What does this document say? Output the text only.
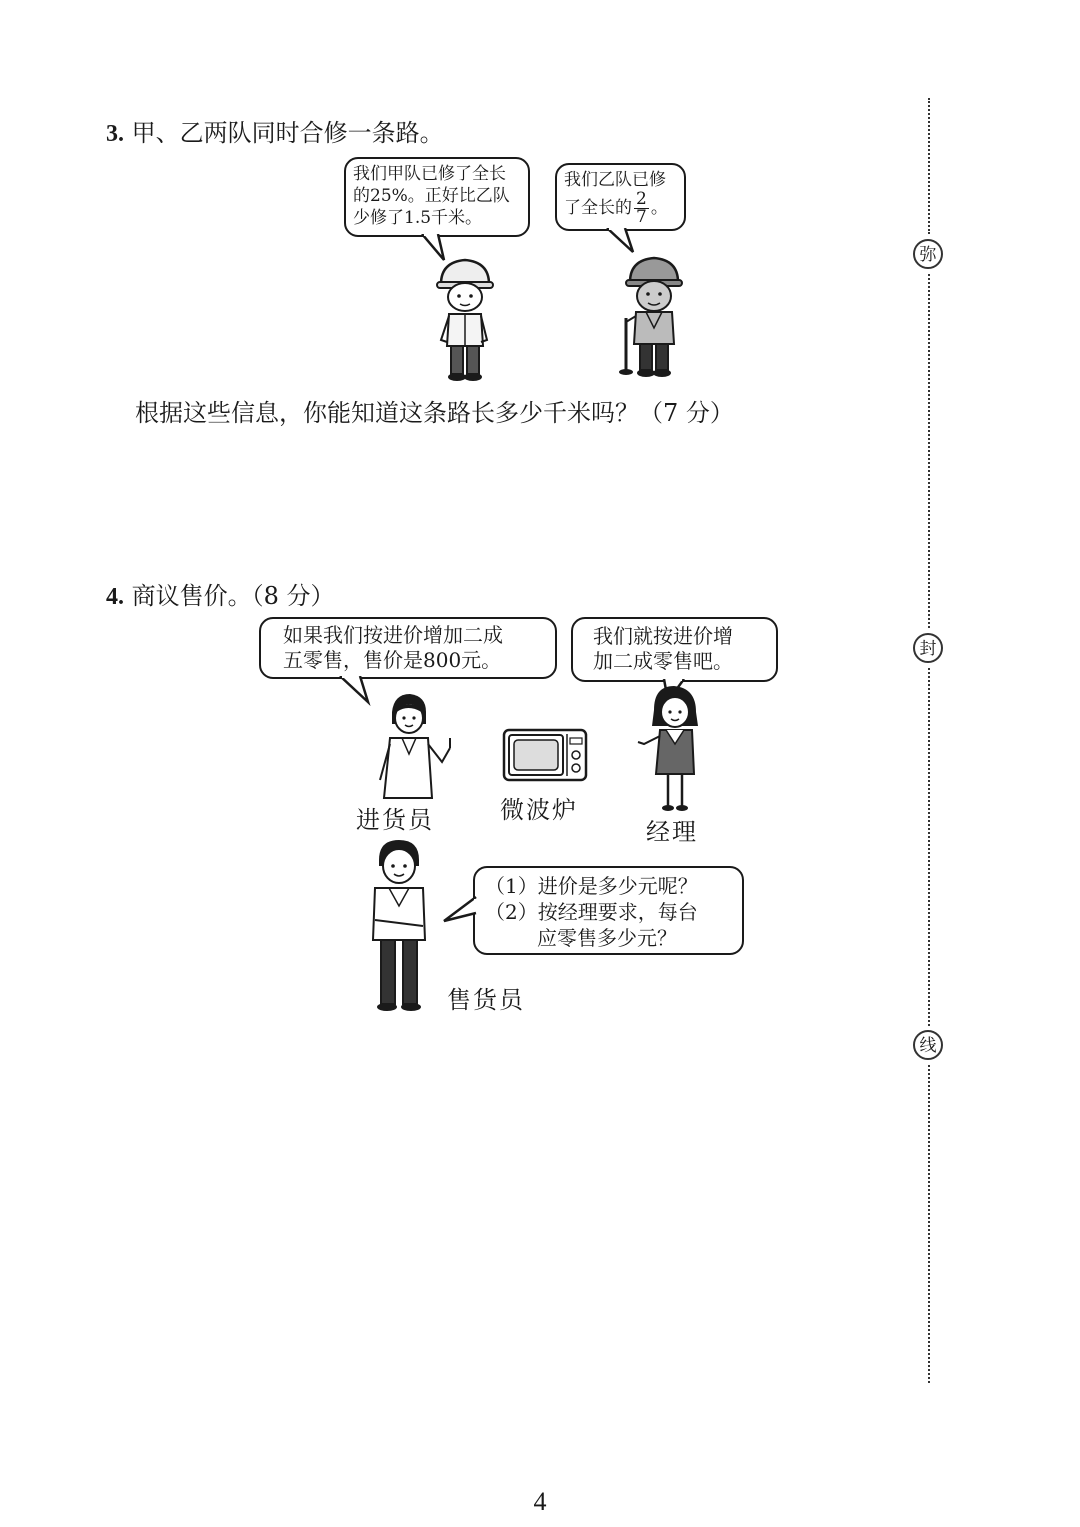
3. 甲、乙两队同时合修一条路。
我们甲队已修了全长
的25%。正好比乙队
少修了1.5千米。
我们乙队已修
了全长的 $\frac{2}{7}$ 。
根据这些信息，你能知道这条路长多少千米吗？（7 分）
4. 商议售价。（8 分）
如果我们按进价增加二成
五零售，售价是800元。
我们就按进价增
加二成零售吧。
进货员	微波炉
经理
（1）进价是多少元呢？
（2）按经理要求，每台
应零售多少元？
售货员
弥
封
线
4
